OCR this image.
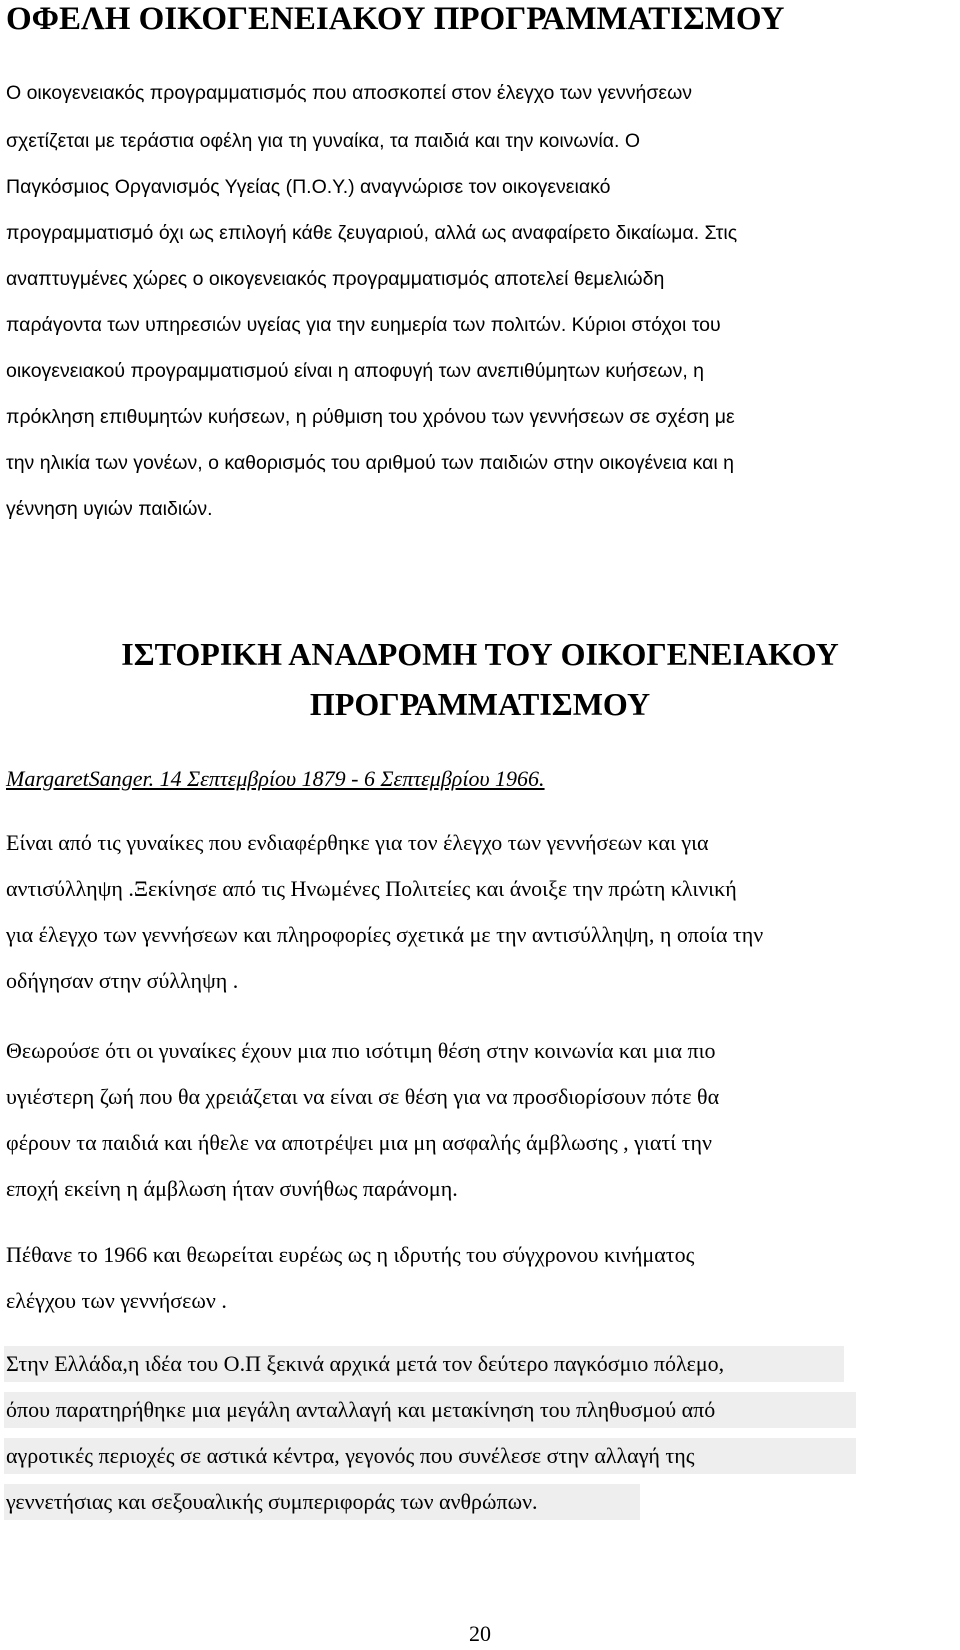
ΟΦΕΛΗ ΟΙΚΟΓΕΝΕΙΑΚΟΥ ΠΡΟΓΡΑΜΜΑΤΙΣΜΟΥ
Ο οικογενειακός προγραμματισμός που αποσκοπεί στον έλεγχο των γεννήσεων
σχετίζεται με τεράστια οφέλη για τη γυναίκα, τα παιδιά και την κοινωνία. Ο
Παγκόσμιος Οργανισμός Υγείας (Π.Ο.Υ.) αναγνώρισε τον οικογενειακό
προγραμματισμό όχι ως επιλογή κάθε ζευγαριού, αλλά ως αναφαίρετο δικαίωμα. Στις
αναπτυγμένες χώρες ο οικογενειακός προγραμματισμός αποτελεί θεμελιώδη
παράγοντα των υπηρεσιών υγείας για την ευημερία των πολιτών. Κύριοι στόχοι του
οικογενειακού προγραμματισμού είναι η αποφυγή των ανεπιθύμητων κυήσεων, η
πρόκληση επιθυμητών κυήσεων, η ρύθμιση του χρόνου των γεννήσεων σε σχέση με
την ηλικία των γονέων, ο καθορισμός του αριθμού των παιδιών στην οικογένεια και η
γέννηση υγιών παιδιών.
ΙΣΤΟΡΙΚΗ ΑΝΑΔΡΟΜΗ ΤΟΥ ΟΙΚΟΓΕΝΕΙΑΚΟΥ
ΠΡΟΓΡΑΜΜΑΤΙΣΜΟΥ
MargaretSanger. 14 Σεπτεμβρίου 1879 - 6 Σεπτεμβρίου 1966.
Είναι από τις γυναίκες που ενδιαφέρθηκε για τον έλεγχο των γεννήσεων και για
αντισύλληψη .Ξεκίνησε από τις Ηνωμένες Πολιτείες και άνοιξε την πρώτη κλινική
για έλεγχο των γεννήσεων και πληροφορίες σχετικά με την αντισύλληψη, η οποία την
οδήγησαν στην σύλληψη .
Θεωρούσε ότι οι γυναίκες έχουν μια πιο ισότιμη θέση στην κοινωνία και μια πιο
υγιέστερη ζωή που θα χρειάζεται να είναι σε θέση για να προσδιορίσουν πότε θα
φέρουν τα παιδιά και ήθελε να αποτρέψει μια μη ασφαλής άμβλωσης , γιατί την
εποχή εκείνη η άμβλωση ήταν συνήθως παράνομη.
Πέθανε το 1966 και θεωρείται ευρέως ως η ιδρυτής του σύγχρονου κινήματος
ελέγχου των γεννήσεων .
Στην Ελλάδα,η ιδέα του Ο.Π ξεκινά αρχικά μετά τον δεύτερο παγκόσμιο πόλεμο,
όπου παρατηρήθηκε μια μεγάλη ανταλλαγή και μετακίνηση του πληθυσμού από
αγροτικές περιοχές σε αστικά κέντρα, γεγονός που συνέλεσε στην αλλαγή της
γεννετήσιας και σεξουαλικής συμπεριφοράς των ανθρώπων.
20
